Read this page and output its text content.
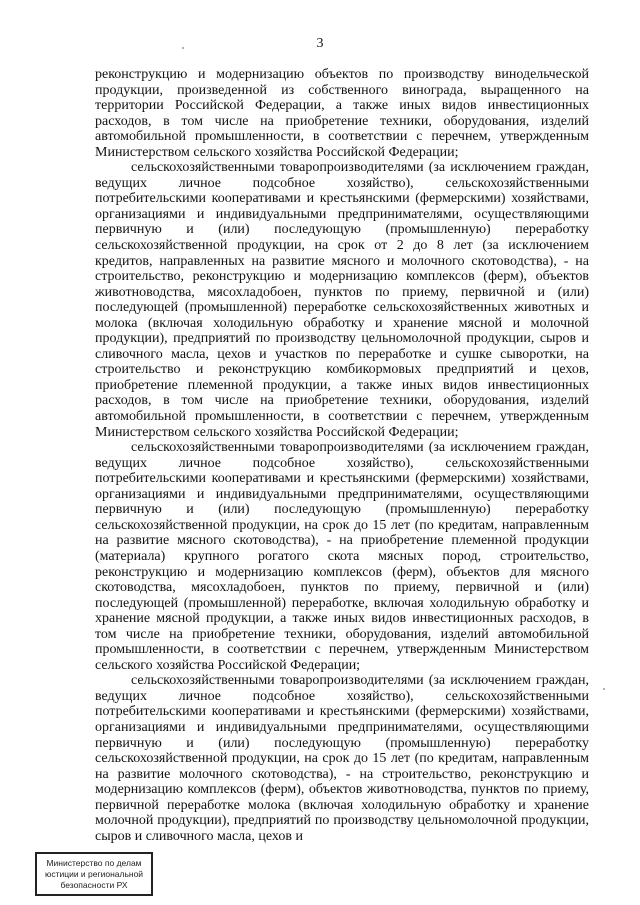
3

реконструкцию и модернизацию объектов по производству винодельческой продукции, произведенной из собственного винограда, выращенного на территории Российской Федерации, а также иных видов инвестиционных расходов, в том числе на приобретение техники, оборудования, изделий автомобильной промышленности, в соответствии с перечнем, утвержденным Министерством сельского хозяйства Российской Федерации;

сельскохозяйственными товаропроизводителями (за исключением граждан, ведущих личное подсобное хозяйство), сельскохозяйственными потребительскими кооперативами и крестьянскими (фермерскими) хозяйствами, организациями и индивидуальными предпринимателями, осуществляющими первичную и (или) последующую (промышленную) переработку сельскохозяйственной продукции, на срок от 2 до 8 лет (за исключением кредитов, направленных на развитие мясного и молочного скотоводства), - на строительство, реконструкцию и модернизацию комплексов (ферм), объектов животноводства, мясохладобоен, пунктов по приему, первичной и (или) последующей (промышленной) переработке сельскохозяйственных животных и молока (включая холодильную обработку и хранение мясной и молочной продукции), предприятий по производству цельномолочной продукции, сыров и сливочного масла, цехов и участков по переработке и сушке сыворотки, на строительство и реконструкцию комбикормовых предприятий и цехов, приобретение племенной продукции, а также иных видов инвестиционных расходов, в том числе на приобретение техники, оборудования, изделий автомобильной промышленности, в соответствии с перечнем, утвержденным Министерством сельского хозяйства Российской Федерации;

сельскохозяйственными товаропроизводителями (за исключением граждан, ведущих личное подсобное хозяйство), сельскохозяйственными потребительскими кооперативами и крестьянскими (фермерскими) хозяйствами, организациями и индивидуальными предпринимателями, осуществляющими первичную и (или) последующую (промышленную) переработку сельскохозяйственной продукции, на срок до 15 лет (по кредитам, направленным на развитие мясного скотоводства), - на приобретение племенной продукции (материала) крупного рогатого скота мясных пород, строительство, реконструкцию и модернизацию комплексов (ферм), объектов для мясного скотоводства, мясохладобоен, пунктов по приему, первичной и (или) последующей (промышленной) переработке, включая холодильную обработку и хранение мясной продукции, а также иных видов инвестиционных расходов, в том числе на приобретение техники, оборудования, изделий автомобильной промышленности, в соответствии с перечнем, утвержденным Министерством сельского хозяйства Российской Федерации;

сельскохозяйственными товаропроизводителями (за исключением граждан, ведущих личное подсобное хозяйство), сельскохозяйственными потребительскими кооперативами и крестьянскими (фермерскими) хозяйствами, организациями и индивидуальными предпринимателями, осуществляющими первичную и (или) последующую (промышленную) переработку сельскохозяйственной продукции, на срок до 15 лет (по кредитам, направленным на развитие молочного скотоводства), - на строительство, реконструкцию и модернизацию комплексов (ферм), объектов животноводства, пунктов по приему, первичной переработке молока (включая холодильную обработку и хранение молочной продукции), предприятий по производству цельномолочной продукции, сыров и сливочного масла, цехов и

Министерство по делам
юстиции и региональной
безопасности РХ
